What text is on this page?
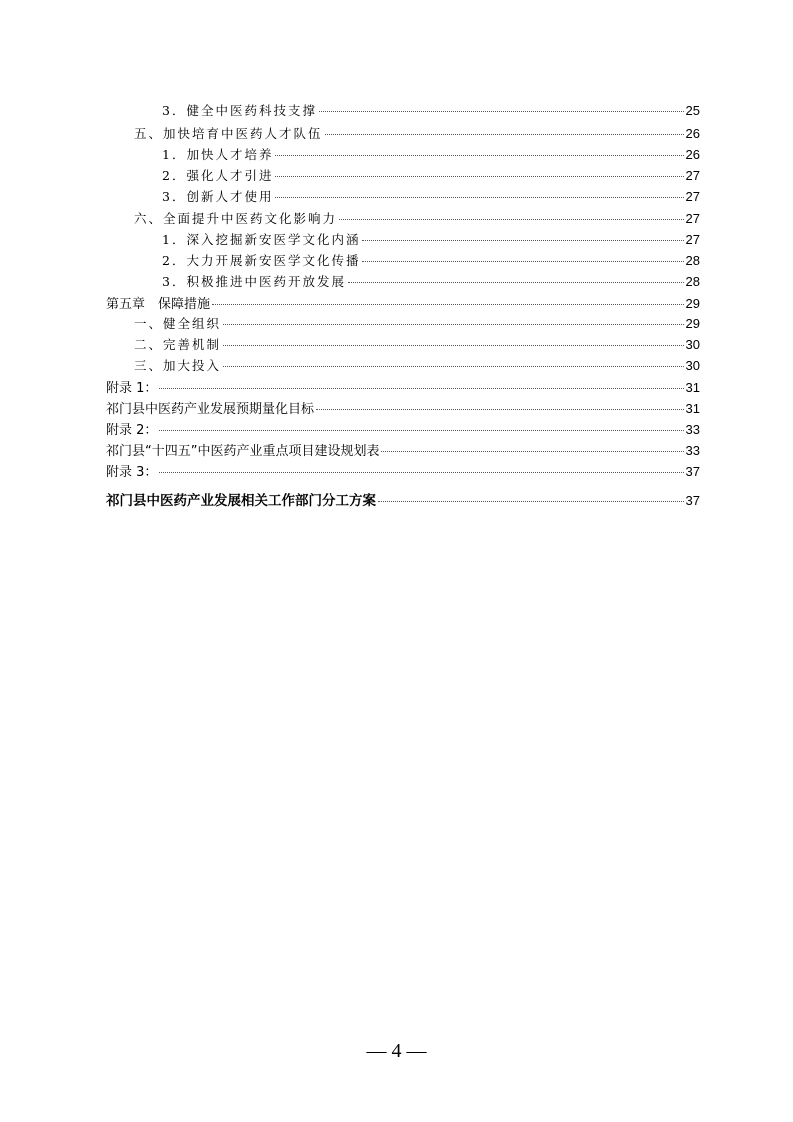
3．健全中医药科技支撑	25
五、加快培育中医药人才队伍	26
1．加快人才培养	26
2．强化人才引进	27
3．创新人才使用	27
六、全面提升中医药文化影响力	27
1．深入挖掘新安医学文化内涵	27
2．大力开展新安医学文化传播	28
3．积极推进中医药开放发展	28
第五章　保障措施	29
一、健全组织	29
二、完善机制	30
三、加大投入	30
附录 1：	31
祁门县中医药产业发展预期量化目标	31
附录 2：	33
祁门县“十四五”中医药产业重点项目建设规划表	33
附录 3：	37
祁门县中医药产业发展相关工作部门分工方案	37
— 4 —
